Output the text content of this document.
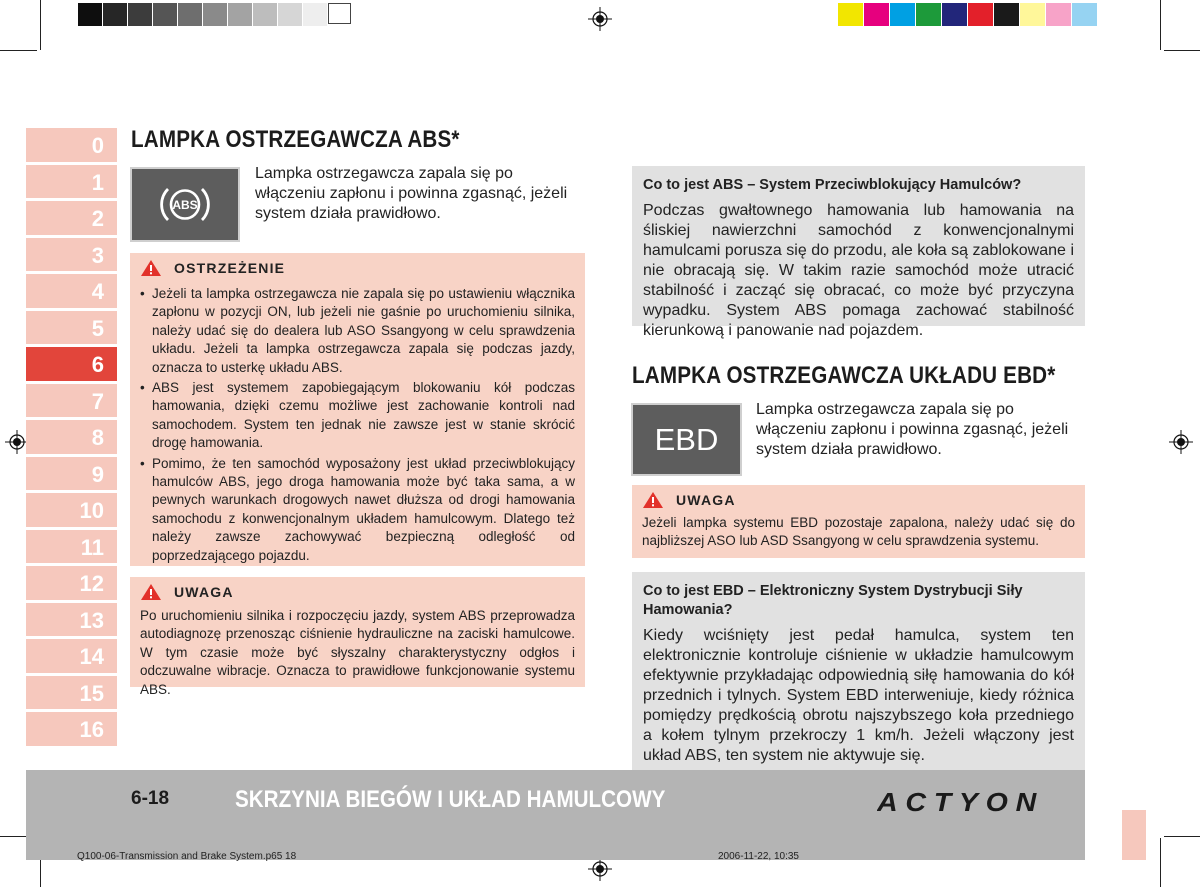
0
1
2
3
4
5
6
7
8
9
10
11
12
13
14
15
16
LAMPKA OSTRZEGAWCZA ABS*
ABS
Lampka ostrzegawcza zapala się po włączeniu zapłonu i powinna zgasnąć, jeżeli system działa prawidłowo.
OSTRZEŻENIE
• Jeżeli ta lampka ostrzegawcza nie zapala się po ustawieniu włącznika zapłonu w pozycji ON, lub jeżeli nie gaśnie po uruchomieniu silnika, należy udać się do dealera lub ASO Ssangyong w celu sprawdzenia układu. Jeżeli ta lampka ostrzegawcza zapala się podczas jazdy, oznacza to usterkę układu ABS.
• ABS jest systemem zapobiegającym blokowaniu kół podczas hamowania, dzięki czemu możliwe jest zachowanie kontroli nad samochodem. System ten jednak nie zawsze jest w stanie skrócić drogę hamowania.
• Pomimo, że ten samochód wyposażony jest układ przeciwblokujący hamulców ABS, jego droga hamowania może być taka sama, a w pewnych warunkach drogowych nawet dłuższa od drogi hamowania samochodu z konwencjonalnym układem hamulcowym. Dlatego też należy zawsze zachowywać bezpieczną odległość od poprzedzającego pojazdu.
UWAGA
Po uruchomieniu silnika i rozpoczęciu jazdy, system ABS przeprowadza autodiagnozę przenosząc ciśnienie hydrauliczne na zaciski hamulcowe. W tym czasie może być słyszalny charakterystyczny odgłos i odczuwalne wibracje. Oznacza to prawidłowe funkcjonowanie systemu ABS.
Co to jest ABS – System Przeciwblokujący Hamulców?
Podczas gwałtownego hamowania lub hamowania na śliskiej nawierzchni samochód z konwencjonalnymi hamulcami porusza się do przodu, ale koła są zablokowane i nie obracają się. W takim razie samochód może utracić stabilność i zacząć się obracać, co może być przyczyna wypadku. System ABS pomaga zachować stabilność kierunkową i panowanie nad pojazdem.
LAMPKA OSTRZEGAWCZA UKŁADU EBD*
EBD
Lampka ostrzegawcza zapala się po włączeniu zapłonu i powinna zgasnąć, jeżeli system działa prawidłowo.
UWAGA
Jeżeli lampka systemu EBD pozostaje zapalona, należy udać się do najbliższej ASO lub ASD Ssangyong w celu sprawdzenia systemu.
Co to jest EBD – Elektroniczny System Dystrybucji Siły Hamowania?
Kiedy wciśnięty jest pedał hamulca, system ten elektronicznie kontroluje ciśnienie w układzie hamulcowym efektywnie przykładając odpowiednią siłę hamowania do kół przednich i tylnych. System EBD interweniuje, kiedy różnica pomiędzy prędkością obrotu najszybszego koła przedniego a kołem tylnym przekroczy 1 km/h. Jeżeli włączony jest układ ABS, ten system nie aktywuje się.
6-18	SKRZYNIA BIEGÓW I UKŁAD HAMULCOWY	ACTYON
Q100-06-Transmission and Brake System.p65 18	2006-11-22, 10:35
